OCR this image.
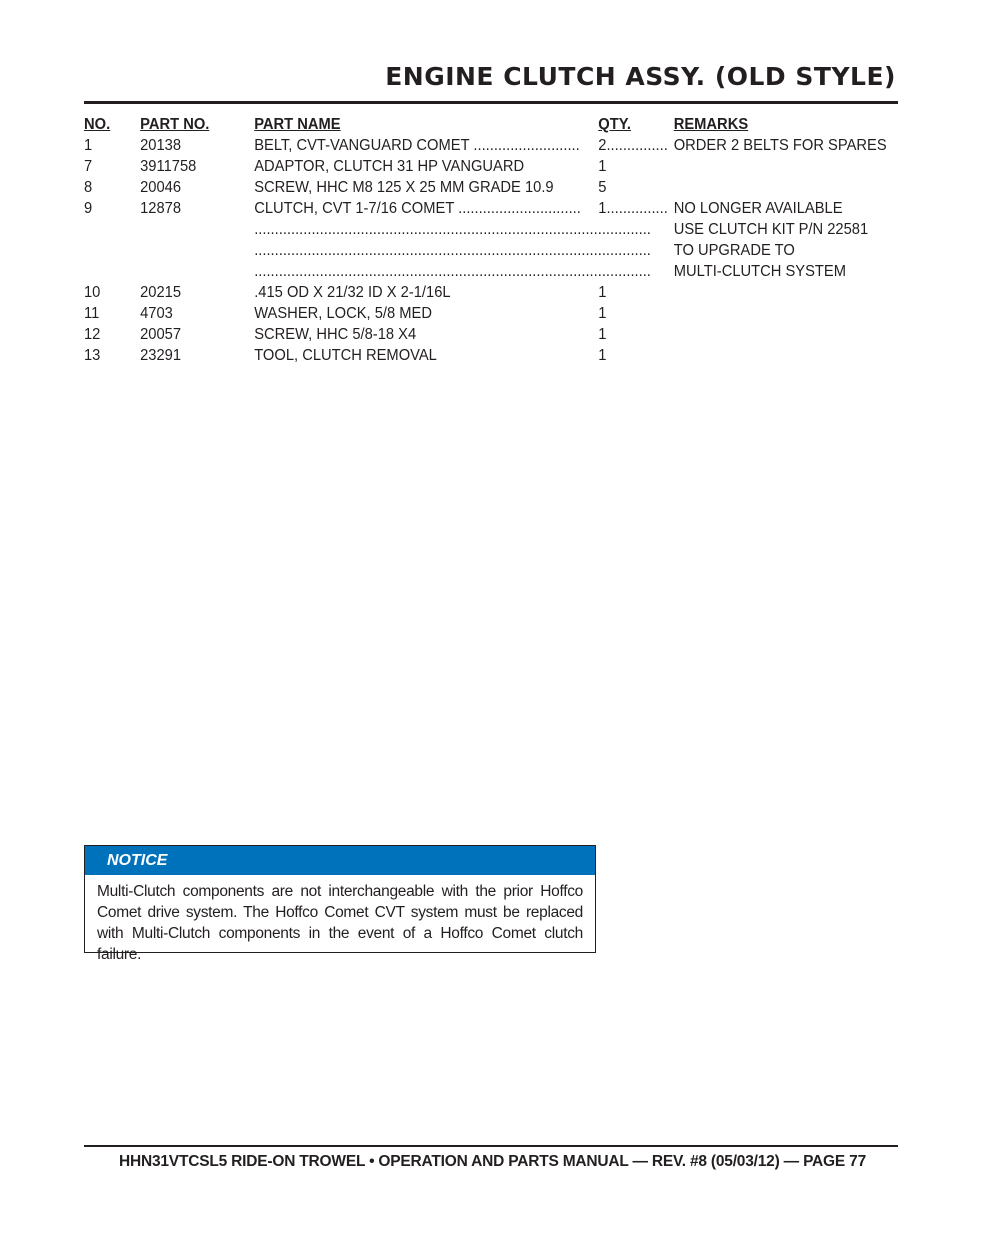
ENGINE CLUTCH ASSY. (OLD STYLE)
NO.	PART NO.	PART NAME	QTY.	REMARKS
1	20138	BELT, CVT-VANGUARD COMET .......................... 2............... ORDER 2 BELTS FOR SPARES
7	3911758	ADAPTOR, CLUTCH 31 HP VANGUARD	1
8	20046	SCREW, HHC M8 125 X 25 MM GRADE 10.9	5
9	12878	CLUTCH, CVT 1-7/16 COMET .............................. 1............... NO LONGER AVAILABLE
.................................................................................................	USE CLUTCH KIT P/N 22581
.................................................................................................	TO UPGRADE TO
.................................................................................................	MULTI-CLUTCH SYSTEM
10	20215	.415 OD X 21/32 ID X 2-1/16L	1
11	4703	WASHER, LOCK, 5/8 MED	1
12	20057	SCREW, HHC 5/8-18 X4	1
13	23291	TOOL, CLUTCH REMOVAL	1
NOTICE
Multi-Clutch components are not interchangeable with the prior Hoffco Comet drive system. The Hoffco Comet CVT system must be replaced with Multi-Clutch components in the event of a Hoffco Comet clutch failure.
HHN31VTCSL5 RIDE-ON TROWEL • OPERATION AND PARTS MANUAL — REV. #8 (05/03/12) — PAGE 77
